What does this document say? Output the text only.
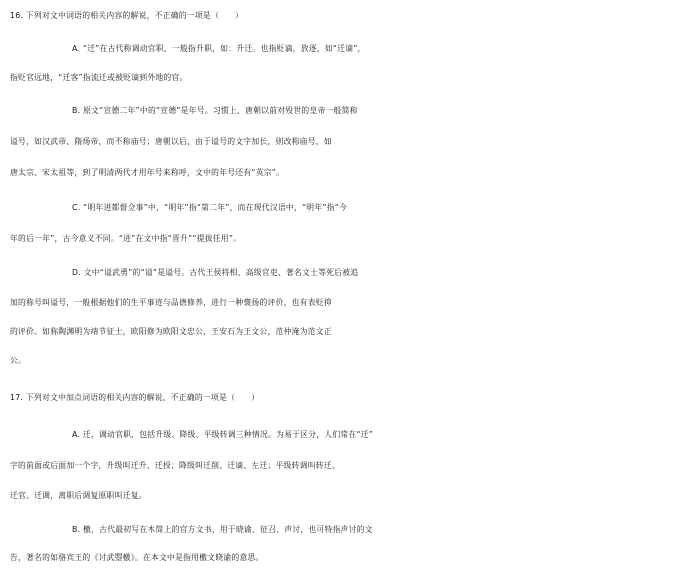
16. 下列对文中词语的相关内容的解说，不正确的一项是（　　）
A. “迁”在古代称调动官职，一般指升职，如：升迁。也指贬谪，放逐，如“迁谪”，
指贬官远地，“迁客”指流迁或被贬谪到外地的官。
B. 原文“宣德二年”中的“宣德”是年号。习惯上，唐朝以前对殁世的皇帝一般简称
谥号，如汉武帝、隋炀帝，而不称庙号；唐朝以后，由于谥号的文字加长，则改称庙号，如
唐太宗、宋太祖等，到了明清两代才用年号来称呼，文中的年号还有“英宗”。
C. “明年进都督佥事”中，“明年”指“第二年”，而在现代汉语中，“明年”指“今
年的后一年”，古今意义不同。“进”在文中指“晋升”“提拔任用”。
D. 文中“谥武勇”的“谥”是谥号。古代王侯将相、高级官吏、著名文士等死后被追
加的称号叫谥号，一般根据他们的生平事迹与品德修养，进行一种褒扬的评价，也有表贬抑
的评价。如称陶渊明为靖节征士，欧阳修为欧阳文忠公，王安石为王文公，范仲淹为范文正
公。
17. 下列对文中加点词语的相关内容的解说，不正确的一项是（　　）
A. 迁，调动官职，包括升级、降级、平级转调三种情况。为易于区分，人们常在“迁”
字的前面或后面加一个字，升级叫迁升、迁授；降级叫迁削、迁谪、左迁；平级转调叫转迁、
迁官、迁调，离职后调复原职叫迁复。
B. 檄，古代最初写在木简上的官方文书，用于晓谕、征召、声讨，也可特指声讨的文
告，著名的如骆宾王的《讨武曌檄》。在本文中是指用檄文晓谕的意思。
